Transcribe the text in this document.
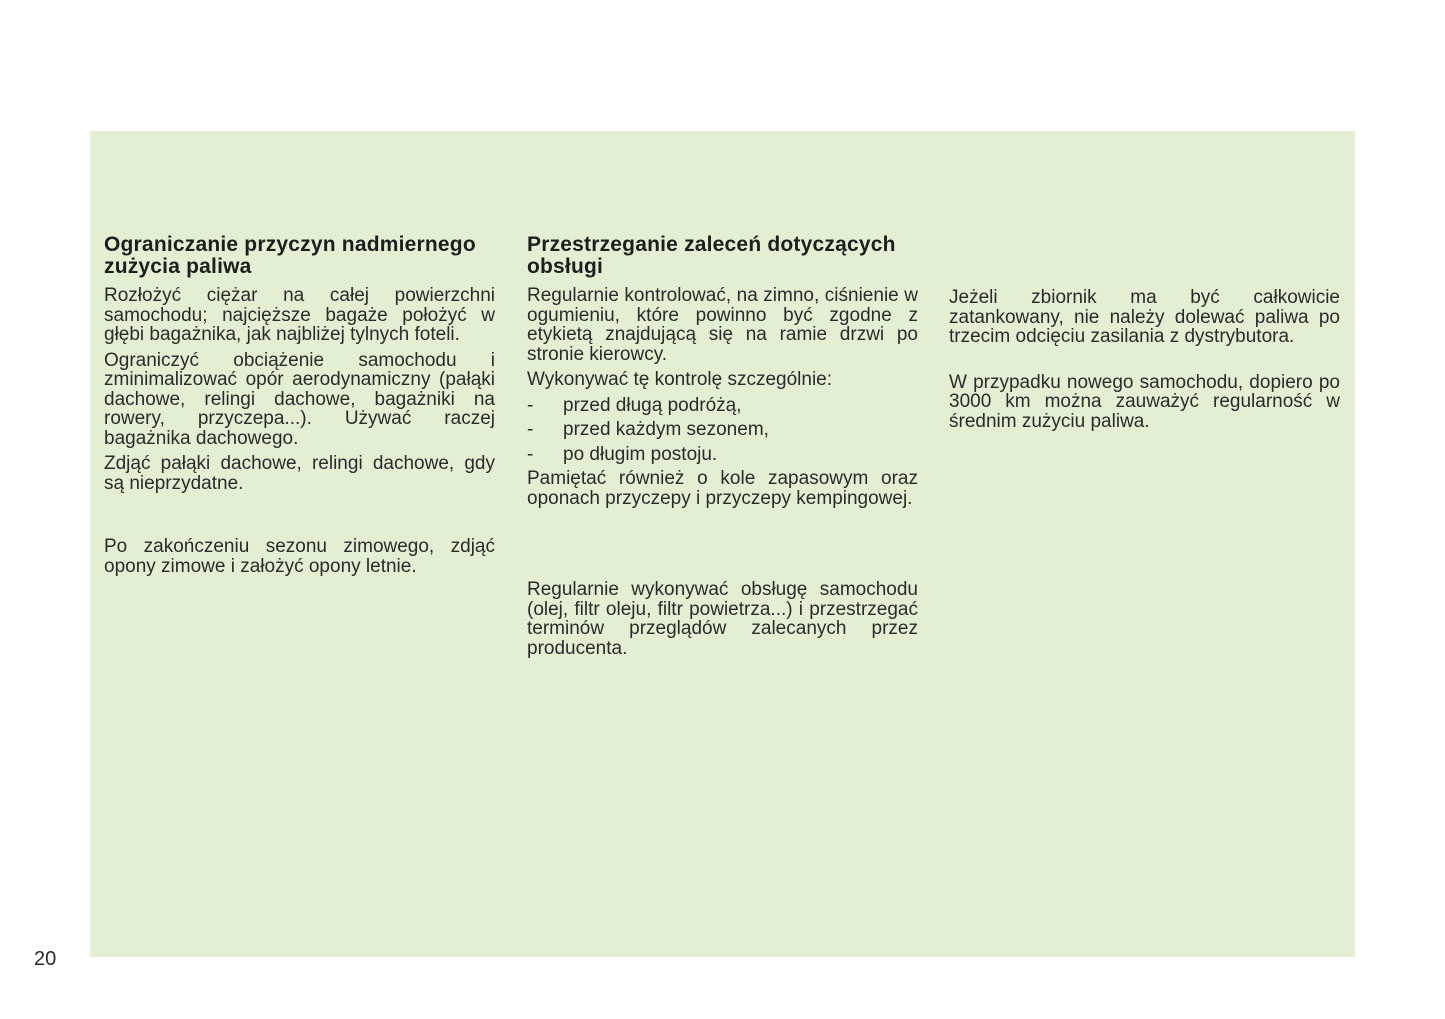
Ograniczanie przyczyn nadmiernego zużycia paliwa

Rozłożyć ciężar na całej powierzchni samochodu; najcięższe bagaże położyć w głębi bagażnika, jak najbliżej tylnych foteli.

Ograniczyć obciążenie samochodu i zminimalizować opór aerodynamiczny (pałąki dachowe, relingi dachowe, bagażniki na rowery, przyczepa...). Używać raczej bagażnika dachowego.

Zdjąć pałąki dachowe, relingi dachowe, gdy są nieprzydatne.

Po zakończeniu sezonu zimowego, zdjąć opony zimowe i założyć opony letnie.

Przestrzeganie zaleceń dotyczących obsługi

Regularnie kontrolować, na zimno, ciśnienie w ogumieniu, które powinno być zgodne z etykietą znajdującą się na ramie drzwi po stronie kierowcy.

Wykonywać tę kontrolę szczególnie:

- przed długą podróżą,
- przed każdym sezonem,
- po długim postoju.

Pamiętać również o kole zapasowym oraz oponach przyczepy i przyczepy kempingowej.

Regularnie wykonywać obsługę samochodu (olej, filtr oleju, filtr powietrza...) i przestrzegać terminów przeglądów zalecanych przez producenta.

Jeżeli zbiornik ma być całkowicie zatankowany, nie należy dolewać paliwa po trzecim odcięciu zasilania z dystrybutora.

W przypadku nowego samochodu, dopiero po 3000 km można zauważyć regularność w średnim zużyciu paliwa.

20
